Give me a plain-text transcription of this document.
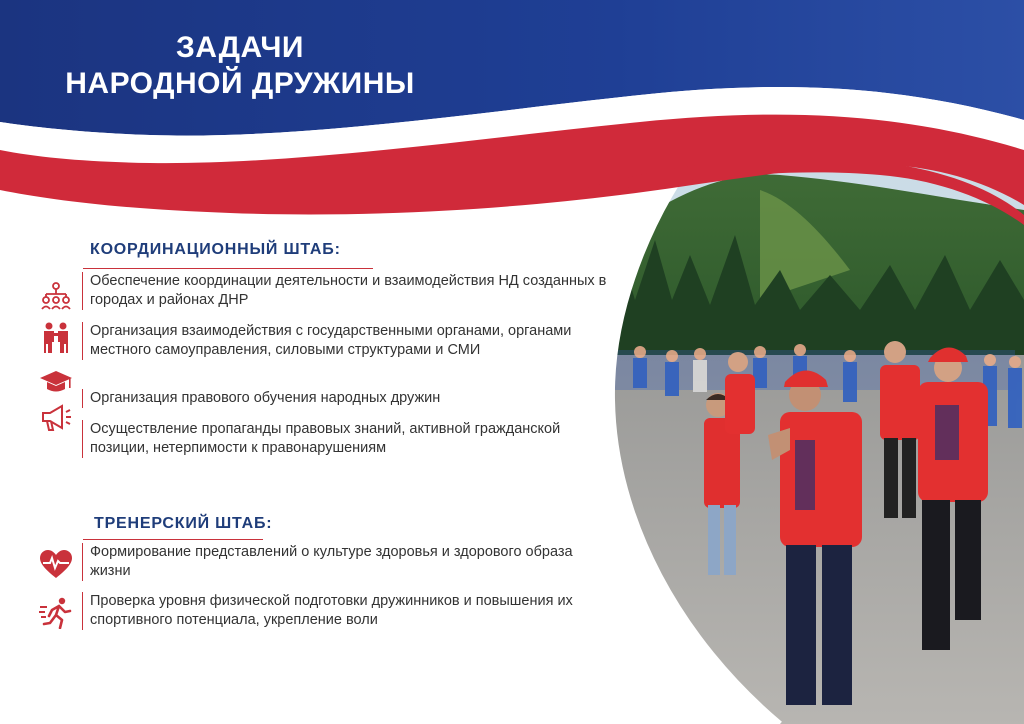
ЗАДАЧИ
НАРОДНОЙ ДРУЖИНЫ
КООРДИНАЦИОННЫЙ ШТАБ:
Обеспечение координации деятельности и взаимодействия НД созданных в городах и районах ДНР
Организация взаимодействия с государственными органами, органами местного самоуправления, силовыми структурами и СМИ
Организация правового обучения народных дружин
Осуществление пропаганды правовых знаний, активной гражданской позиции, нетерпимости к правонарушениям
ТРЕНЕРСКИЙ ШТАБ:
Формирование представлений о культуре здоровья и здорового образа жизни
Проверка уровня физической подготовки дружинников и повышения их спортивного потенциала, укрепление воли
